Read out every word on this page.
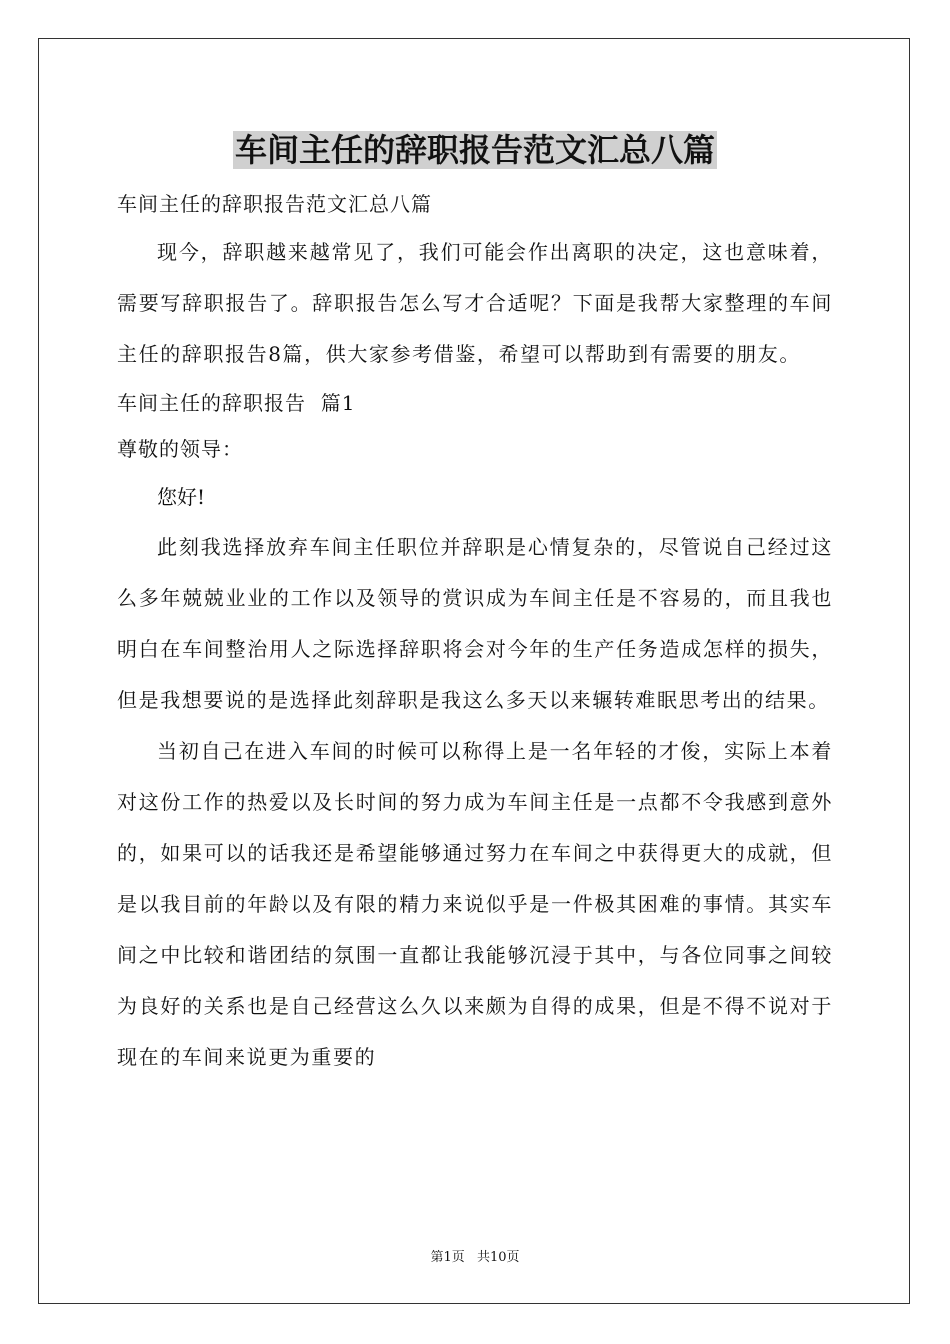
车间主任的辞职报告范文汇总八篇

车间主任的辞职报告范文汇总八篇

现今，辞职越来越常见了，我们可能会作出离职的决定，这也意味着，需要写辞职报告了。辞职报告怎么写才合适呢？下面是我帮大家整理的车间主任的辞职报告8篇，供大家参考借鉴，希望可以帮助到有需要的朋友。

车间主任的辞职报告  篇1

尊敬的领导：

您好!

此刻我选择放弃车间主任职位并辞职是心情复杂的，尽管说自己经过这么多年兢兢业业的工作以及领导的赏识成为车间主任是不容易的，而且我也明白在车间整治用人之际选择辞职将会对今年的生产任务造成怎样的损失，但是我想要说的是选择此刻辞职是我这么多天以来辗转难眠思考出的结果。

当初自己在进入车间的时候可以称得上是一名年轻的才俊，实际上本着对这份工作的热爱以及长时间的努力成为车间主任是一点都不令我感到意外的，如果可以的话我还是希望能够通过努力在车间之中获得更大的成就，但是以我目前的年龄以及有限的精力来说似乎是一件极其困难的事情。其实车间之中比较和谐团结的氛围一直都让我能够沉浸于其中，与各位同事之间较为良好的关系也是自己经营这么久以来颇为自得的成果，但是不得不说对于现在的车间来说更为重要的

第1页 共10页
